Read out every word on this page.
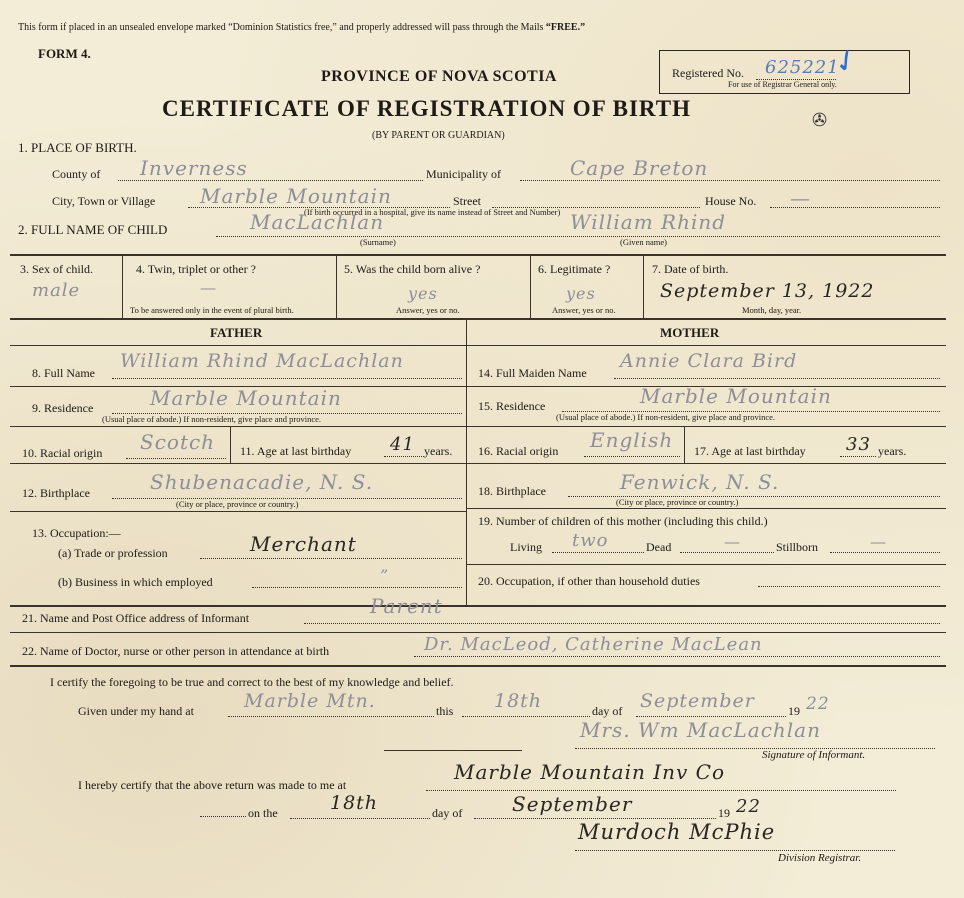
This form if placed in an unsealed envelope marked “Dominion Statistics free,” and properly addressed will pass through the Mails “FREE.”
FORM 4.
PROVINCE OF NOVA SCOTIA
CERTIFICATE OF REGISTRATION OF BIRTH
(BY PARENT OR GUARDIAN)
Registered No. 625221
For use of Registrar General only.
✓
✇
1. PLACE OF BIRTH.
County of Inverness	Municipality of	Cape Breton
City, Town or Village Marble Mountain	Street
(If birth occurred in a hospital, give its name instead of Street and Number)
House No. —
2. FULL NAME OF CHILD	MacLachlan	William Rhind
(Surname)	(Given name)
3. Sex of child.
male
4. Twin, triplet or other ?
—
To be answered only in the event of plural birth.
5. Was the child born alive ?
yes
Answer, yes or no.
6. Legitimate ?
yes
Answer, yes or no.
7. Date of birth.
September 13, 1922
Month, day, year.
FATHER	MOTHER
8. Full Name
William Rhind MacLachlan
9. Residence	Marble Mountain
(Usual place of abode.) If non-resident, give place and province.
10. Racial origin Scotch 11. Age at last birthday 41 years.
12. Birthplace	Shubenacadie, N. S.
(City or place, province or country.)
13. Occupation:—
(a) Trade or profession	Merchant
(b) Business in which employed	”
14. Full Maiden Name
Annie Clara Bird
15. Residence	Marble Mountain
(Usual place of abode.) If non-resident, give place and province.
16. Racial origin English 17. Age at last birthday 33 years.
18. Birthplace	Fenwick, N. S.
(City or place, province or country.)
19. Number of children of this mother (including this child.)
Living two	Dead	—	Stillborn	—
20. Occupation, if other than household duties
21. Name and Post Office address of Informant	Parent
22. Name of Doctor, nurse or other person in attendance at birth	Dr. MacLeod, Catherine MacLean
I certify the foregoing to be true and correct to the best of my knowledge and belief.
Given under my hand at	Marble Mtn.	this 18th	day of September	19 22
Mrs. Wm MacLachlan
Signature of Informant.
I hereby certify that the above return was made to me at
Marble Mountain Inv Co
on the	18th	day of September	19 22
Murdoch McPhie
Division Registrar.
